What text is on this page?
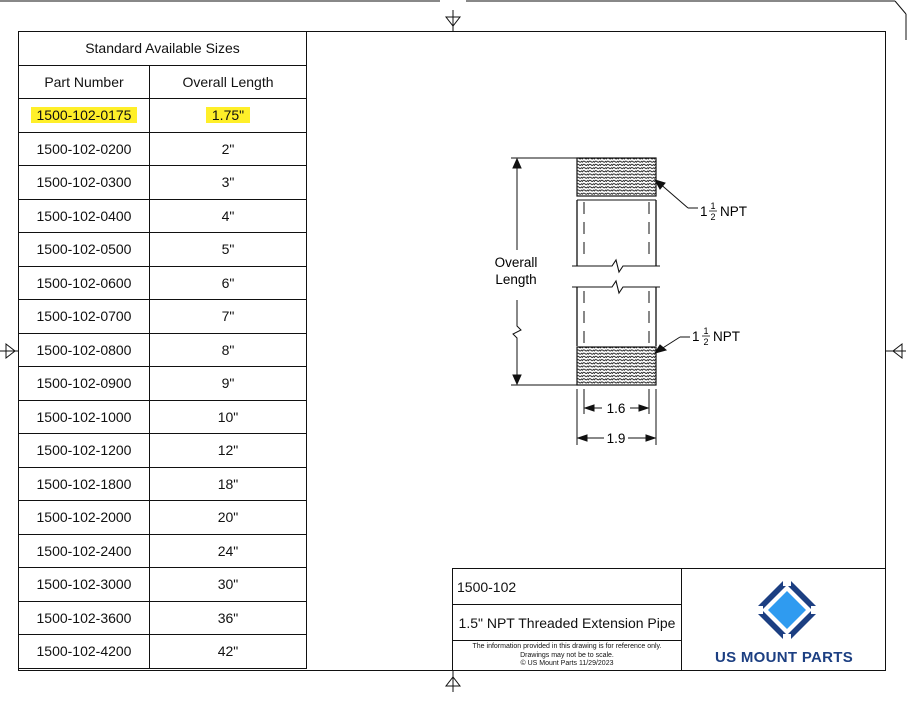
Standard Available Sizes	
Part Number	Overall Length
1500-102-0175	1.75"
1500-102-0200	2"
1500-102-0300	3"
1500-102-0400	4"
1500-102-0500	5"
1500-102-0600	6"
1500-102-0700	7"
1500-102-0800	8"
1500-102-0900	9"
1500-102-1000	10"
1500-102-1200	12"
1500-102-1800	18"
1500-102-2000	20"
1500-102-2400	24"
1500-102-3000	30"
1500-102-3600	36"
1500-102-4200	42"
Overall
Length
1 1
2 NPT
1 1
2 NPT
1.6
1.9
1500-102
1.5" NPT Threaded Extension Pipe
The information provided in this drawing is for reference only.
Drawings may not be to scale.
© US Mount Parts 11/29/2023	US MOUNT PARTS
